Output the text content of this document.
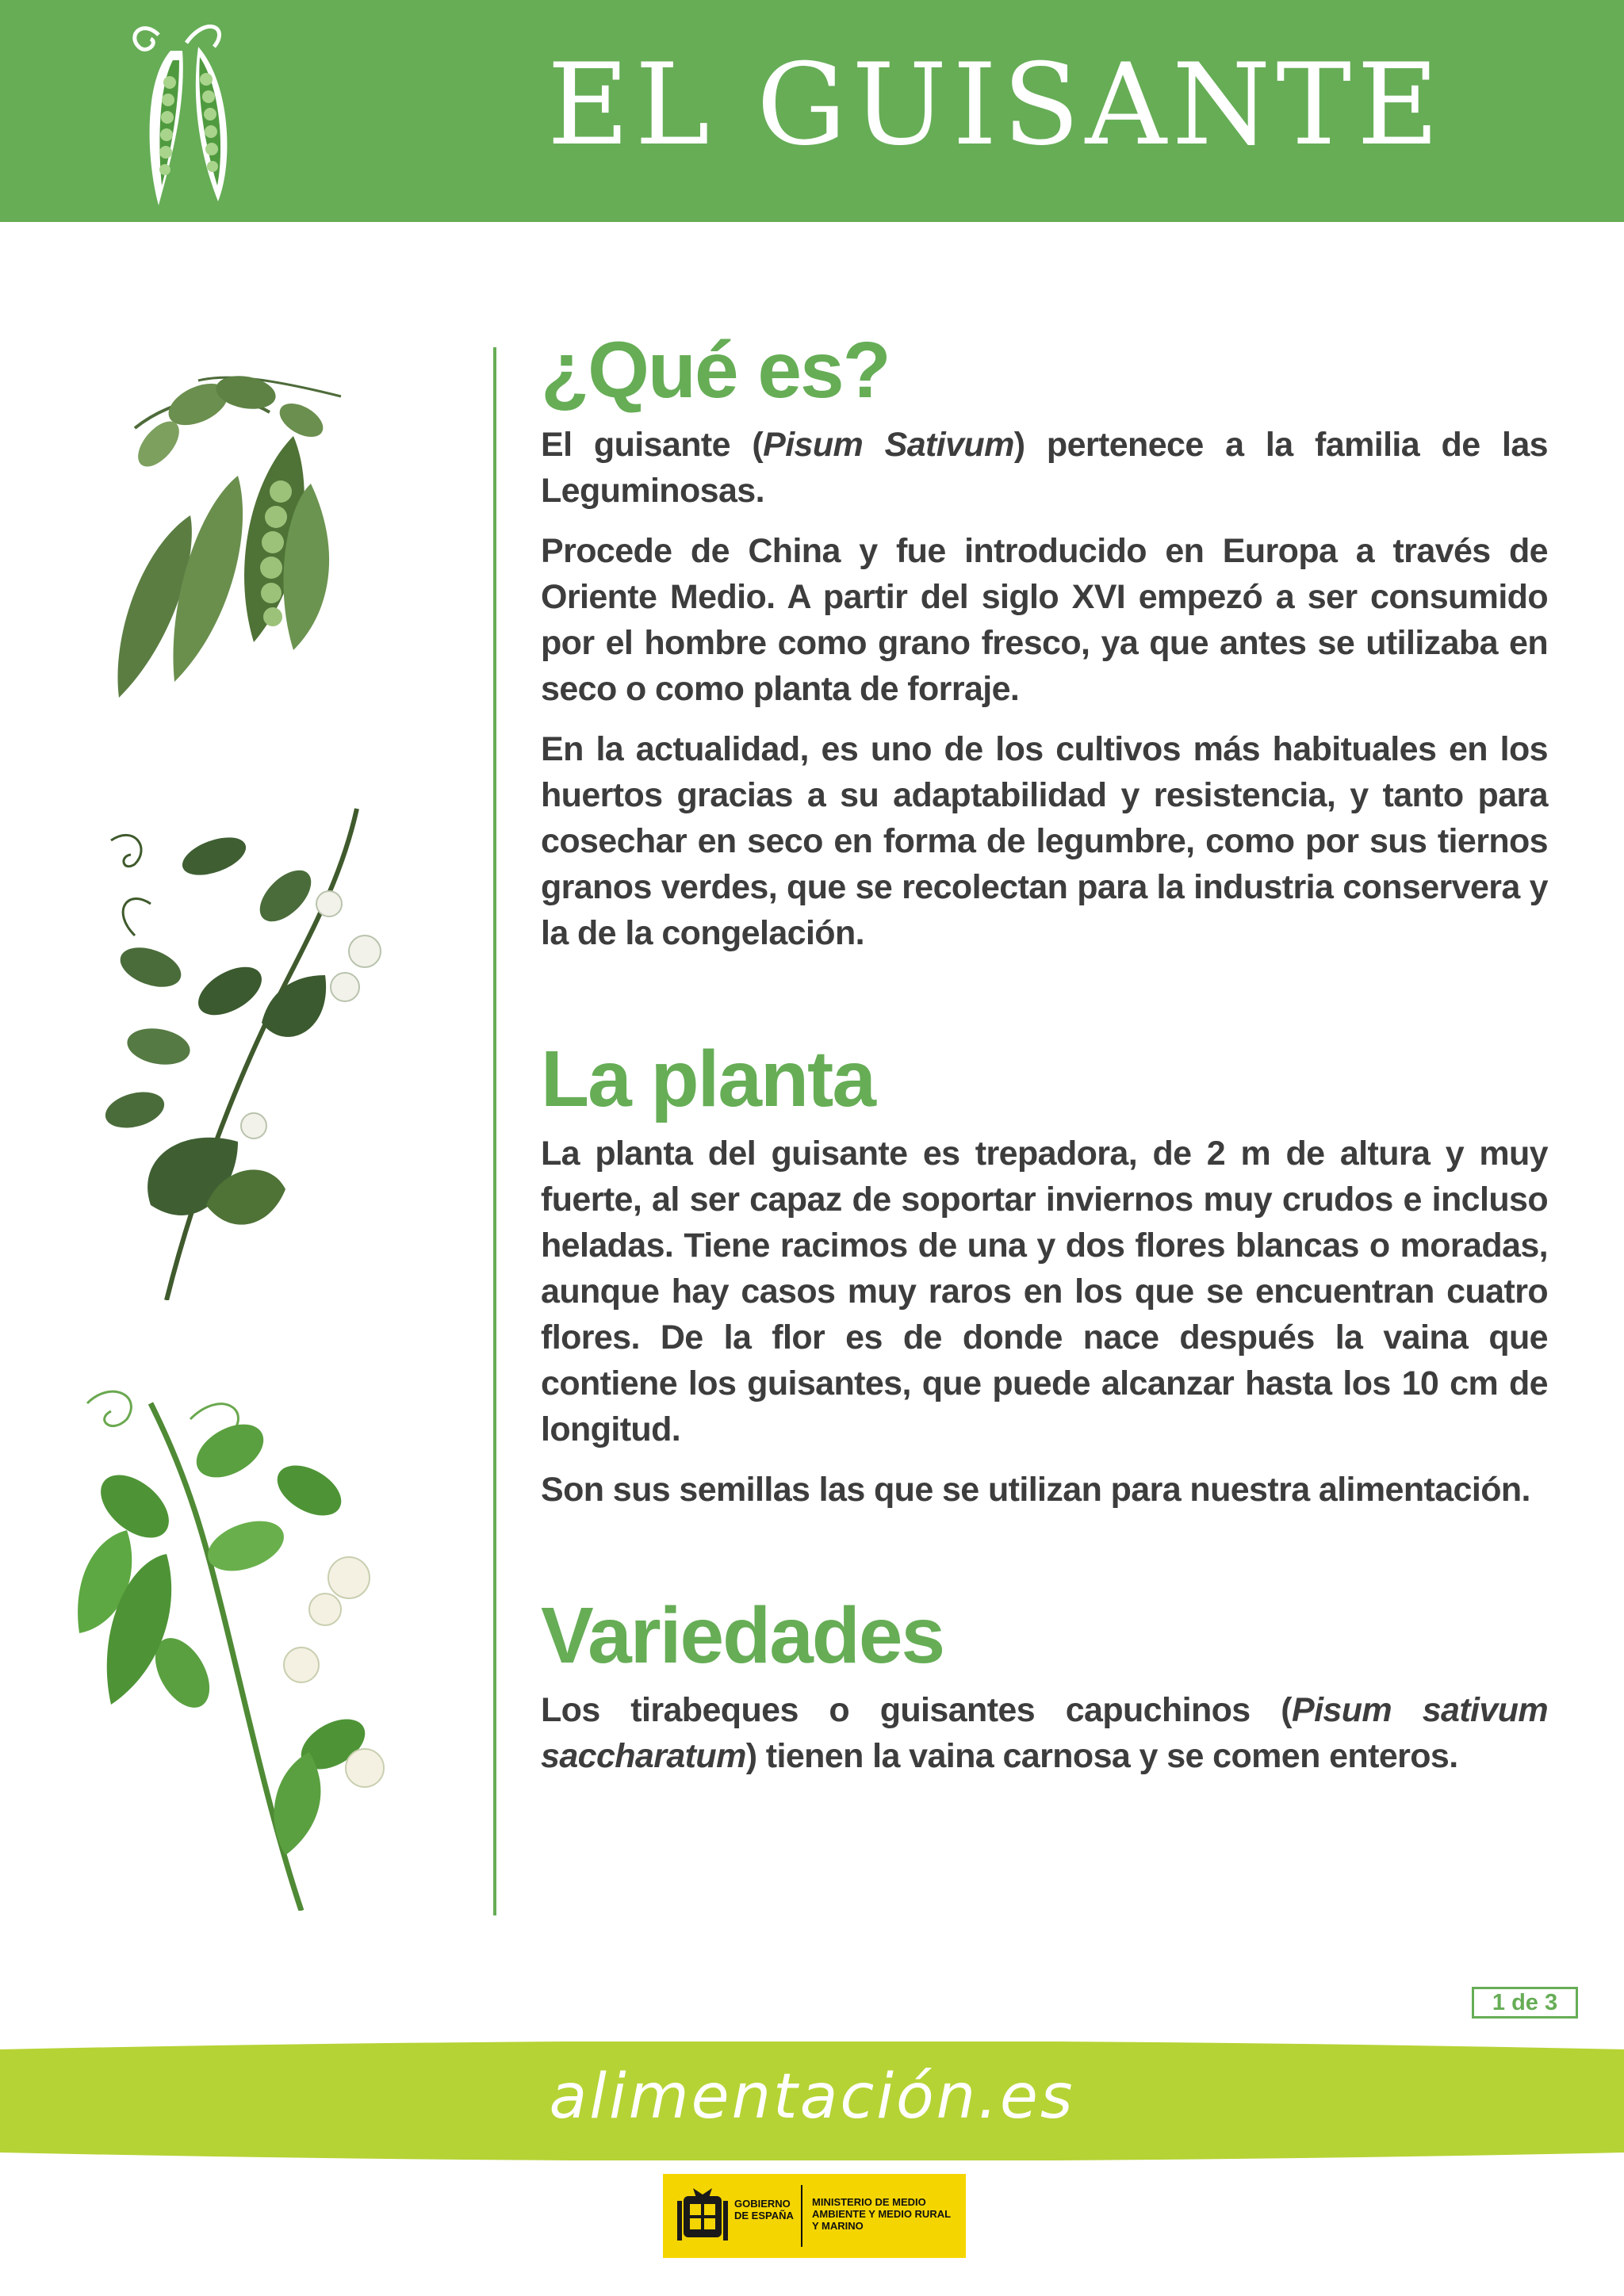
EL GUISANTE
¿Qué es?

El guisante (Pisum Sativum) pertenece a la familia de las Leguminosas.

Procede de China y fue introducido en Europa a través de Oriente Medio. A partir del siglo XVI empezó a ser consumido por el hombre como grano fresco, ya que antes se utilizaba en seco o como planta de forraje.

En la actualidad, es uno de los cultivos más habituales en los huertos gracias a su adaptabilidad y resistencia, y tanto para cosechar en seco en forma de legumbre, como por sus tiernos granos verdes, que se recolectan para la industria conservera y la de la congelación.

La planta

La planta del guisante es trepadora, de 2 m de altura y muy fuerte, al ser capaz de soportar inviernos muy crudos e incluso heladas. Tiene racimos de una y dos flores blancas o moradas, aunque hay casos muy raros en los que se encuentran cuatro flores. De la flor es de donde nace después la vaina que contiene los guisantes, que puede alcanzar hasta los 10 cm de longitud.

Son sus semillas las que se utilizan para nuestra alimentación.

Variedades

Los tirabeques o guisantes capuchinos (Pisum sativum saccharatum) tienen la vaina carnosa y se comen enteros.

1 de 3
alimentación.es
GOBIERNO DE ESPAÑA
MINISTERIO DE MEDIO AMBIENTE Y MEDIO RURAL Y MARINO
